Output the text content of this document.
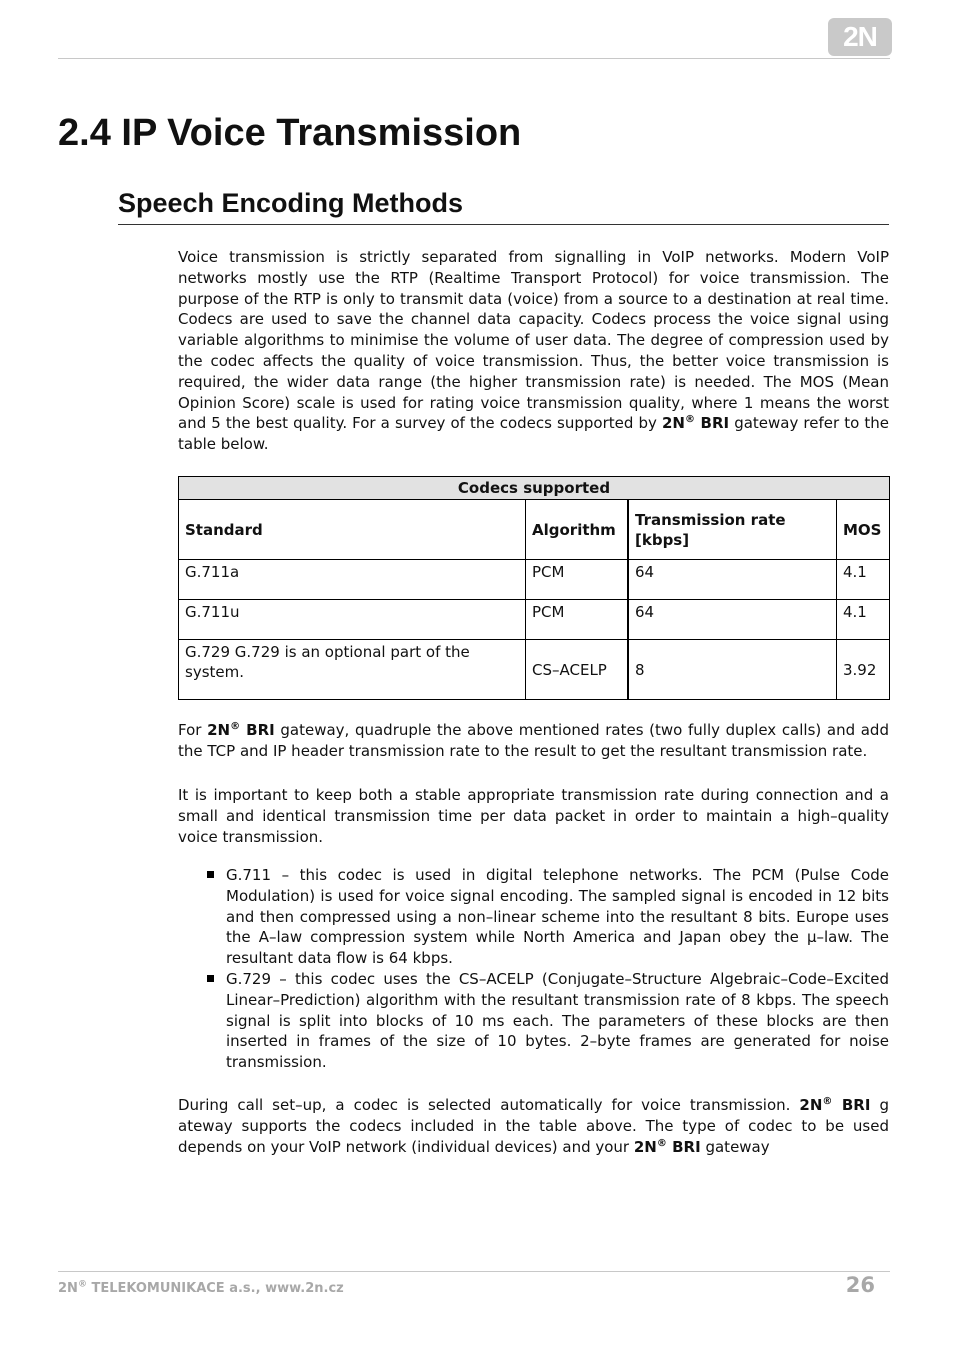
2N
2.4 IP Voice Transmission
Speech Encoding Methods

Voice transmission is strictly separated from signalling in VoIP networks. Modern VoIP networks mostly use the RTP (Realtime Transport Protocol) for voice transmission. The purpose of the RTP is only to transmit data (voice) from a source to a destination at real time. Codecs are used to save the channel data capacity. Codecs process the voice signal using variable algorithms to minimise the volume of user data. The degree of compression used by the codec affects the quality of voice transmission. Thus, the better voice transmission is required, the wider data range (the higher transmission rate) is needed. The MOS (Mean Opinion Score) scale is used for rating voice transmission quality, where 1 means the worst and 5 the best quality. For a survey of the codecs supported by 2N® BRI gateway refer to the table below.

Codecs supported			
Standard	Algorithm	Transmission rate [kbps]	MOS
G.711a	PCM	64	4.1
G.711u	PCM	64	4.1
G.729 G.729 is an optional part of the system.	CS–ACELP	8	3.92

For 2N® BRI gateway, quadruple the above mentioned rates (two fully duplex calls) and add the TCP and IP header transmission rate to the result to get the resultant transmission rate.

It is important to keep both a stable appropriate transmission rate during connection and a small and identical transmission time per data packet in order to maintain a high–quality voice transmission.

G.711 – this codec is used in digital telephone networks. The PCM (Pulse Code Modulation) is used for voice signal encoding. The sampled signal is encoded in 12 bits and then compressed using a non–linear scheme into the resultant 8 bits. Europe uses the A–law compression system while North America and Japan obey the μ–law. The resultant data flow is 64 kbps.
G.729 – this codec uses the CS–ACELP (Conjugate–Structure Algebraic–Code–Excited Linear–Prediction) algorithm with the resultant transmission rate of 8 kbps. The speech signal is split into blocks of 10 ms each. The parameters of these blocks are then inserted in frames of the size of 10 bytes. 2–byte frames are generated for noise transmission.

During call set–up, a codec is selected automatically for voice transmission. 2N® BRI g ateway supports the codecs included in the table above. The type of codec to be used depends on your VoIP network (individual devices) and your 2N® BRI gateway

2N® TELEKOMUNIKACE a.s., www.2n.cz	26
